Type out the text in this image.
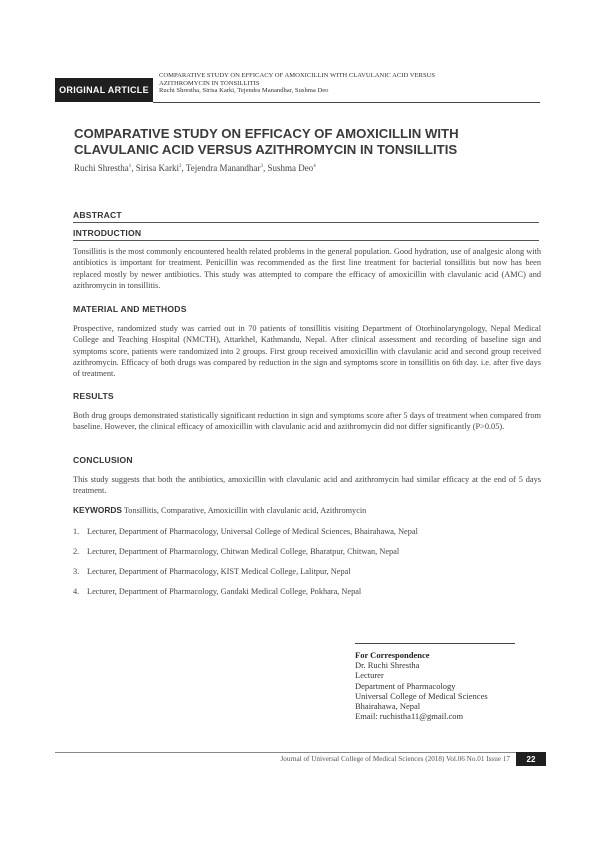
ORIGINAL ARTICLE
COMPARATIVE STUDY ON EFFICACY OF AMOXICILLIN WITH CLAVULANIC ACID VERSUS
AZITHROMYCIN IN TONSILLITIS
Ruchi Shrestha, Sirisa Karki, Tejendra Manandhar, Sushma Deo
COMPARATIVE STUDY ON EFFICACY OF AMOXICILLIN WITH CLAVULANIC ACID VERSUS AZITHROMYCIN IN TONSILLITIS
Ruchi Shrestha$^1$, Sirisa Karki$^2$, Tejendra Manandhar$^3$, Sushma Deo$^4$
ABSTRACT
INTRODUCTION
Tonsillitis is the most commonly encountered health related problems in the general population. Good hydration, use of analgesic along with antibiotics is important for treatment. Penicillin was recommended as the first line treatment for bacterial tonsillitis but now has been replaced mostly by newer antibiotics. This study was attempted to compare the efficacy of amoxicillin with clavulanic acid (AMC) and azithromycin in tonsillitis.
MATERIAL AND METHODS
Prospective, randomized study was carried out in 70 patients of tonsillitis visiting Department of Otorhinolaryngology, Nepal Medical College and Teaching Hospital (NMCTH), Attarkhel, Kathmandu, Nepal. After clinical assessment and recording of baseline sign and symptoms score, patients were randomized into 2 groups. First group received amoxicillin with clavulanic acid and second group received azithromycin. Efficacy of both drugs was compared by reduction in the sign and symptoms score in tonsillitis on 6th day. i.e. after five days of treatment.
RESULTS
Both drug groups demonstrated statistically significant reduction in sign and symptoms score after 5 days of treatment when compared from baseline. However, the clinical efficacy of amoxicillin with clavulanic acid and azithromycin did not differ significantly (P>0.05).
CONCLUSION
This study suggests that both the antibiotics, amoxicillin with clavulanic acid and azithromycin had similar efficacy at the end of 5 days treatment.
KEYWORDS Tonsillitis, Comparative, Amoxicillin with clavulanic acid, Azithromycin
1. Lecturer, Department of Pharmacology, Universal College of Medical Sciences, Bhairahawa, Nepal
2. Lecturer, Department of Pharmacology, Chitwan Medical College, Bharatpur, Chitwan, Nepal
3. Lecturer, Department of Pharmacology, KIST Medical College, Lalitpur, Nepal
4. Lecturer, Department of Pharmacology, Gandaki Medical College, Pokhara, Nepal
For Correspondence
Dr. Ruchi Shrestha
Lecturer
Department of Pharmacology
Universal College of Medical Sciences
Bhairahawa, Nepal
Email: ruchistha11@gmail.com
Journal of Universal College of Medical Sciences (2018) Vol.06 No.01 Issue 17	22
